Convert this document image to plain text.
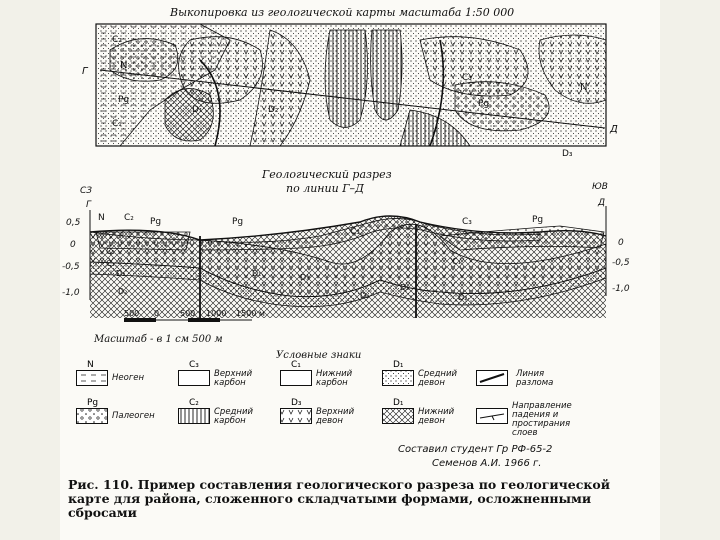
Выкопировка из геологической карты масштаба 1:50 000
Г
Д
D₃
N
N
Pg	Pg
C₁
C₂
C₃
D₁	D₂
Геологический разрез
по линии Г–Д
СЗ
Г
ЮВ
Д
0,5
0
-0,5
-1,0
0
-0,5
-1,0
N C₂ Pg	Pg
C₃
C₃	Pg
C₂
C₁
D₃
D₂
D₁	D₃
D₂
D₁
C₁
D₂
500 0	500 1000 1500 м
Масштаб - в 1 см 500 м
Условные знаки
N
Неоген
C₃
Верхний карбон
C₁
Нижний карбон
D₁
Средний девон
Линия разлома
Pg
Палеоген
C₂
Средний карбон
D₃
Верхний девон
D₁
Нижний девон
Направление падения и простирания слоев
Составил студент Гр РФ-65-2
Семенов А.И. 1966 г.
Рис. 110. Пример составления геологического разреза по геологической карте для района, сложенного складчатыми формами, осложненными сбросами
